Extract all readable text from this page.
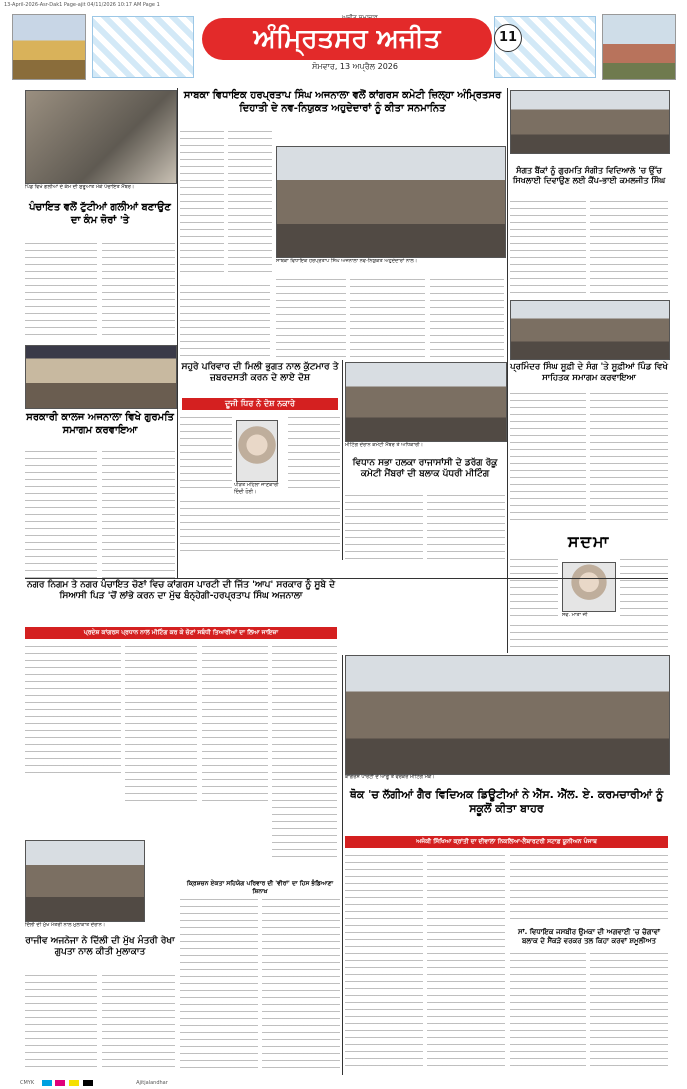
13-April-2026-Asr-Dak1 Page-ajit 04/11/2026 10:17 AM Page 1
ਅੰਮ੍ਰਿਤਸਰ ਅਜੀਤ	11
ਸੋਮਵਾਰ, 13 ਅਪ੍ਰੈਲ 2026
ਪਿੰਡ ਵਿਖੇ ਗਲੀਆਂ ਦੇ ਕੰਮ ਦੀ ਸ਼ੁਰੂਆਤ ਮੌਕੇ ਪੰਚਾਇਤ ਮੈਂਬਰ।
ਪੰਚਾਇਤ ਵਲੋਂ ਟੁੱਟੀਆਂ ਗਲੀਆਂ ਬਣਾਉਣ ਦਾ ਕੰਮ ਜ਼ੋਰਾਂ 'ਤੇ
ਸਰਕਾਰੀ ਕਾਲਜ ਅਜਨਾਲਾ ਵਿਖੇ ਗੁਰਮਤਿ ਸਮਾਗਮ ਕਰਵਾਇਆ
ਸਾਬਕਾ ਵਿਧਾਇਕ ਹਰਪ੍ਰਤਾਪ ਸਿੰਘ ਅਜਨਾਲਾ ਵਲੋਂ ਕਾਂਗਰਸ ਕਮੇਟੀ ਜ਼ਿਲ੍ਹਾ ਅੰਮ੍ਰਿਤਸਰ ਦਿਹਾਤੀ ਦੇ ਨਵ-ਨਿਯੁਕਤ ਅਹੁਦੇਦਾਰਾਂ ਨੂੰ ਕੀਤਾ ਸਨਮਾਨਿਤ
ਸਾਬਕਾ ਵਿਧਾਇਕ ਹਰਪ੍ਰਤਾਪ ਸਿੰਘ ਅਜਨਾਲਾ ਨਵ-ਨਿਯੁਕਤ ਅਹੁਦੇਦਾਰਾਂ ਨਾਲ।
ਸਹੁਰੇ ਪਰਿਵਾਰ ਦੀ ਮਿਲੀ ਭੁਗਤ ਨਾਲ ਕੁੱਟਮਾਰ ਤੇ ਜ਼ਬਰਦਸਤੀ ਕਰਨ ਦੇ ਲਾਏ ਦੋਸ਼
ਦੂਜੀ ਧਿਰ ਨੇ ਦੋਸ਼ ਨਕਾਰੇ
ਪੀੜਤ ਮਹਿਲਾ ਜਾਣਕਾਰੀ ਦਿੰਦੀ ਹੋਈ।
ਮੀਟਿੰਗ ਦੌਰਾਨ ਕਮੇਟੀ ਮੈਂਬਰ ਤੇ ਅਧਿਕਾਰੀ।
ਵਿਧਾਨ ਸਭਾ ਹਲਕਾ ਰਾਜਾਸਾਂਸੀ ਦੇ ਡਰੱਗ ਰੋਕੂ ਕਮੇਟੀ ਮੈਂਬਰਾਂ ਦੀ ਬਲਾਕ ਪੱਧਰੀ ਮੀਟਿੰਗ
ਸੰਗਤ ਬੈਂਕਾਂ ਨੂੰ ਗੁਰਮਤਿ ਸੰਗੀਤ ਵਿਦਿਆਲੇ 'ਚ ਉੱਚ ਸਿਖਲਾਈ ਦਿਵਾਉਣ ਲਈ ਕੈਂਪ-ਭਾਈ ਕਮਲਜੀਤ ਸਿੰਘ
ਪ੍ਰਮਿੰਦਰ ਸਿੰਘ ਸੂਫ਼ੀ ਦੇ ਸੰਗ 'ਤੇ ਸੂਫ਼ੀਆਂ ਪਿੰਡ ਵਿਖੇ ਸਾਹਿਤਕ ਸਮਾਗਮ ਕਰਵਾਇਆ
ਸਦਮਾ
ਸਵ. ਮਾਤਾ ਜੀ
ਨਗਰ ਨਿਗਮ ਤੇ ਨਗਰ ਪੰਚਾਇਤ ਚੋਣਾਂ ਵਿਚ ਕਾਂਗਰਸ ਪਾਰਟੀ ਦੀ ਜਿੱਤ 'ਆਪ' ਸਰਕਾਰ ਨੂੰ ਸੂਬੇ ਦੇ ਸਿਆਸੀ ਪਿੜ 'ਚੋਂ ਲਾਂਭੇ ਕਰਨ ਦਾ ਮੁੱਢ ਬੰਨ੍ਹੇਗੀ-ਹਰਪ੍ਰਤਾਪ ਸਿੰਘ ਅਜਨਾਲਾ
ਪ੍ਰਦੇਸ਼ ਕਾਂਗਰਸ ਪ੍ਰਧਾਨ ਨਾਲ ਮੀਟਿੰਗ ਕਰ ਕੇ ਚੋਣਾਂ ਸਬੰਧੀ ਤਿਆਰੀਆਂ ਦਾ ਲਿਆ ਜਾਇਜ਼ਾ
ਕਾਂਗਰਸ ਪਾਰਟੀ ਦੇ ਆਗੂ ਤੇ ਵਰਕਰ ਮੀਟਿੰਗ ਮੌਕੇ।
ਦਿੱਲੀ ਦੀ ਮੁੱਖ ਮੰਤਰੀ ਨਾਲ ਮੁਲਾਕਾਤ ਦੌਰਾਨ।
ਰਾਜੀਵ ਅਜਨੇਜਾ ਨੇ ਦਿੱਲੀ ਦੀ ਮੁੱਖ ਮੰਤਰੀ ਰੇਖਾ ਗੁਪਤਾ ਨਾਲ ਕੀਤੀ ਮੁਲਾਕਾਤ
ਕ੍ਰਿਸ਼ਚਨ ਏਕਤਾ ਸਹਿਯੋਗ ਪਰਿਵਾਰ ਦੀ 'ਵੀਰਾਂ' ਦਾ ਹਿਸ ਭੰਡਿਆਣਾ ਸ਼ਿਨਾਖ਼
ਥੋਕ 'ਚ ਲੱਗੀਆਂ ਗੈਰ ਵਿਦਿਅਕ ਡਿਊਟੀਆਂ ਨੇ ਐੱਸ. ਐੱਲ. ਏ. ਕਰਮਚਾਰੀਆਂ ਨੂੰ ਸਕੂਲੋਂ ਕੀਤਾ ਬਾਹਰ
ਅਜੋਕੀ ਸਿੱਖਿਆ ਕ੍ਰਾਂਤੀ ਦਾ ਦੀਵਾਲਾ ਨਿਕਲਿਆ-ਲੈਬਾਰਟਰੀ ਸਟਾਫ਼ ਯੂਨੀਅਨ ਪੰਜਾਬ
ਸਾਂ. ਵਿਧਾਇਕ ਜਸਬੀਰ ਉਮਕਾ ਦੀ ਅਗਵਾਈ 'ਚ ਚੋਗਾਵਾਂ ਬਲਾਕ ਦੇ ਸੈਂਕੜੇ ਵਰਕਰ ਤਲ ਕਿਹਾ ਕਰਵਾਂ ਸ਼ਮੂਲੀਅਤ
CMYK	Ajitjalandhar
